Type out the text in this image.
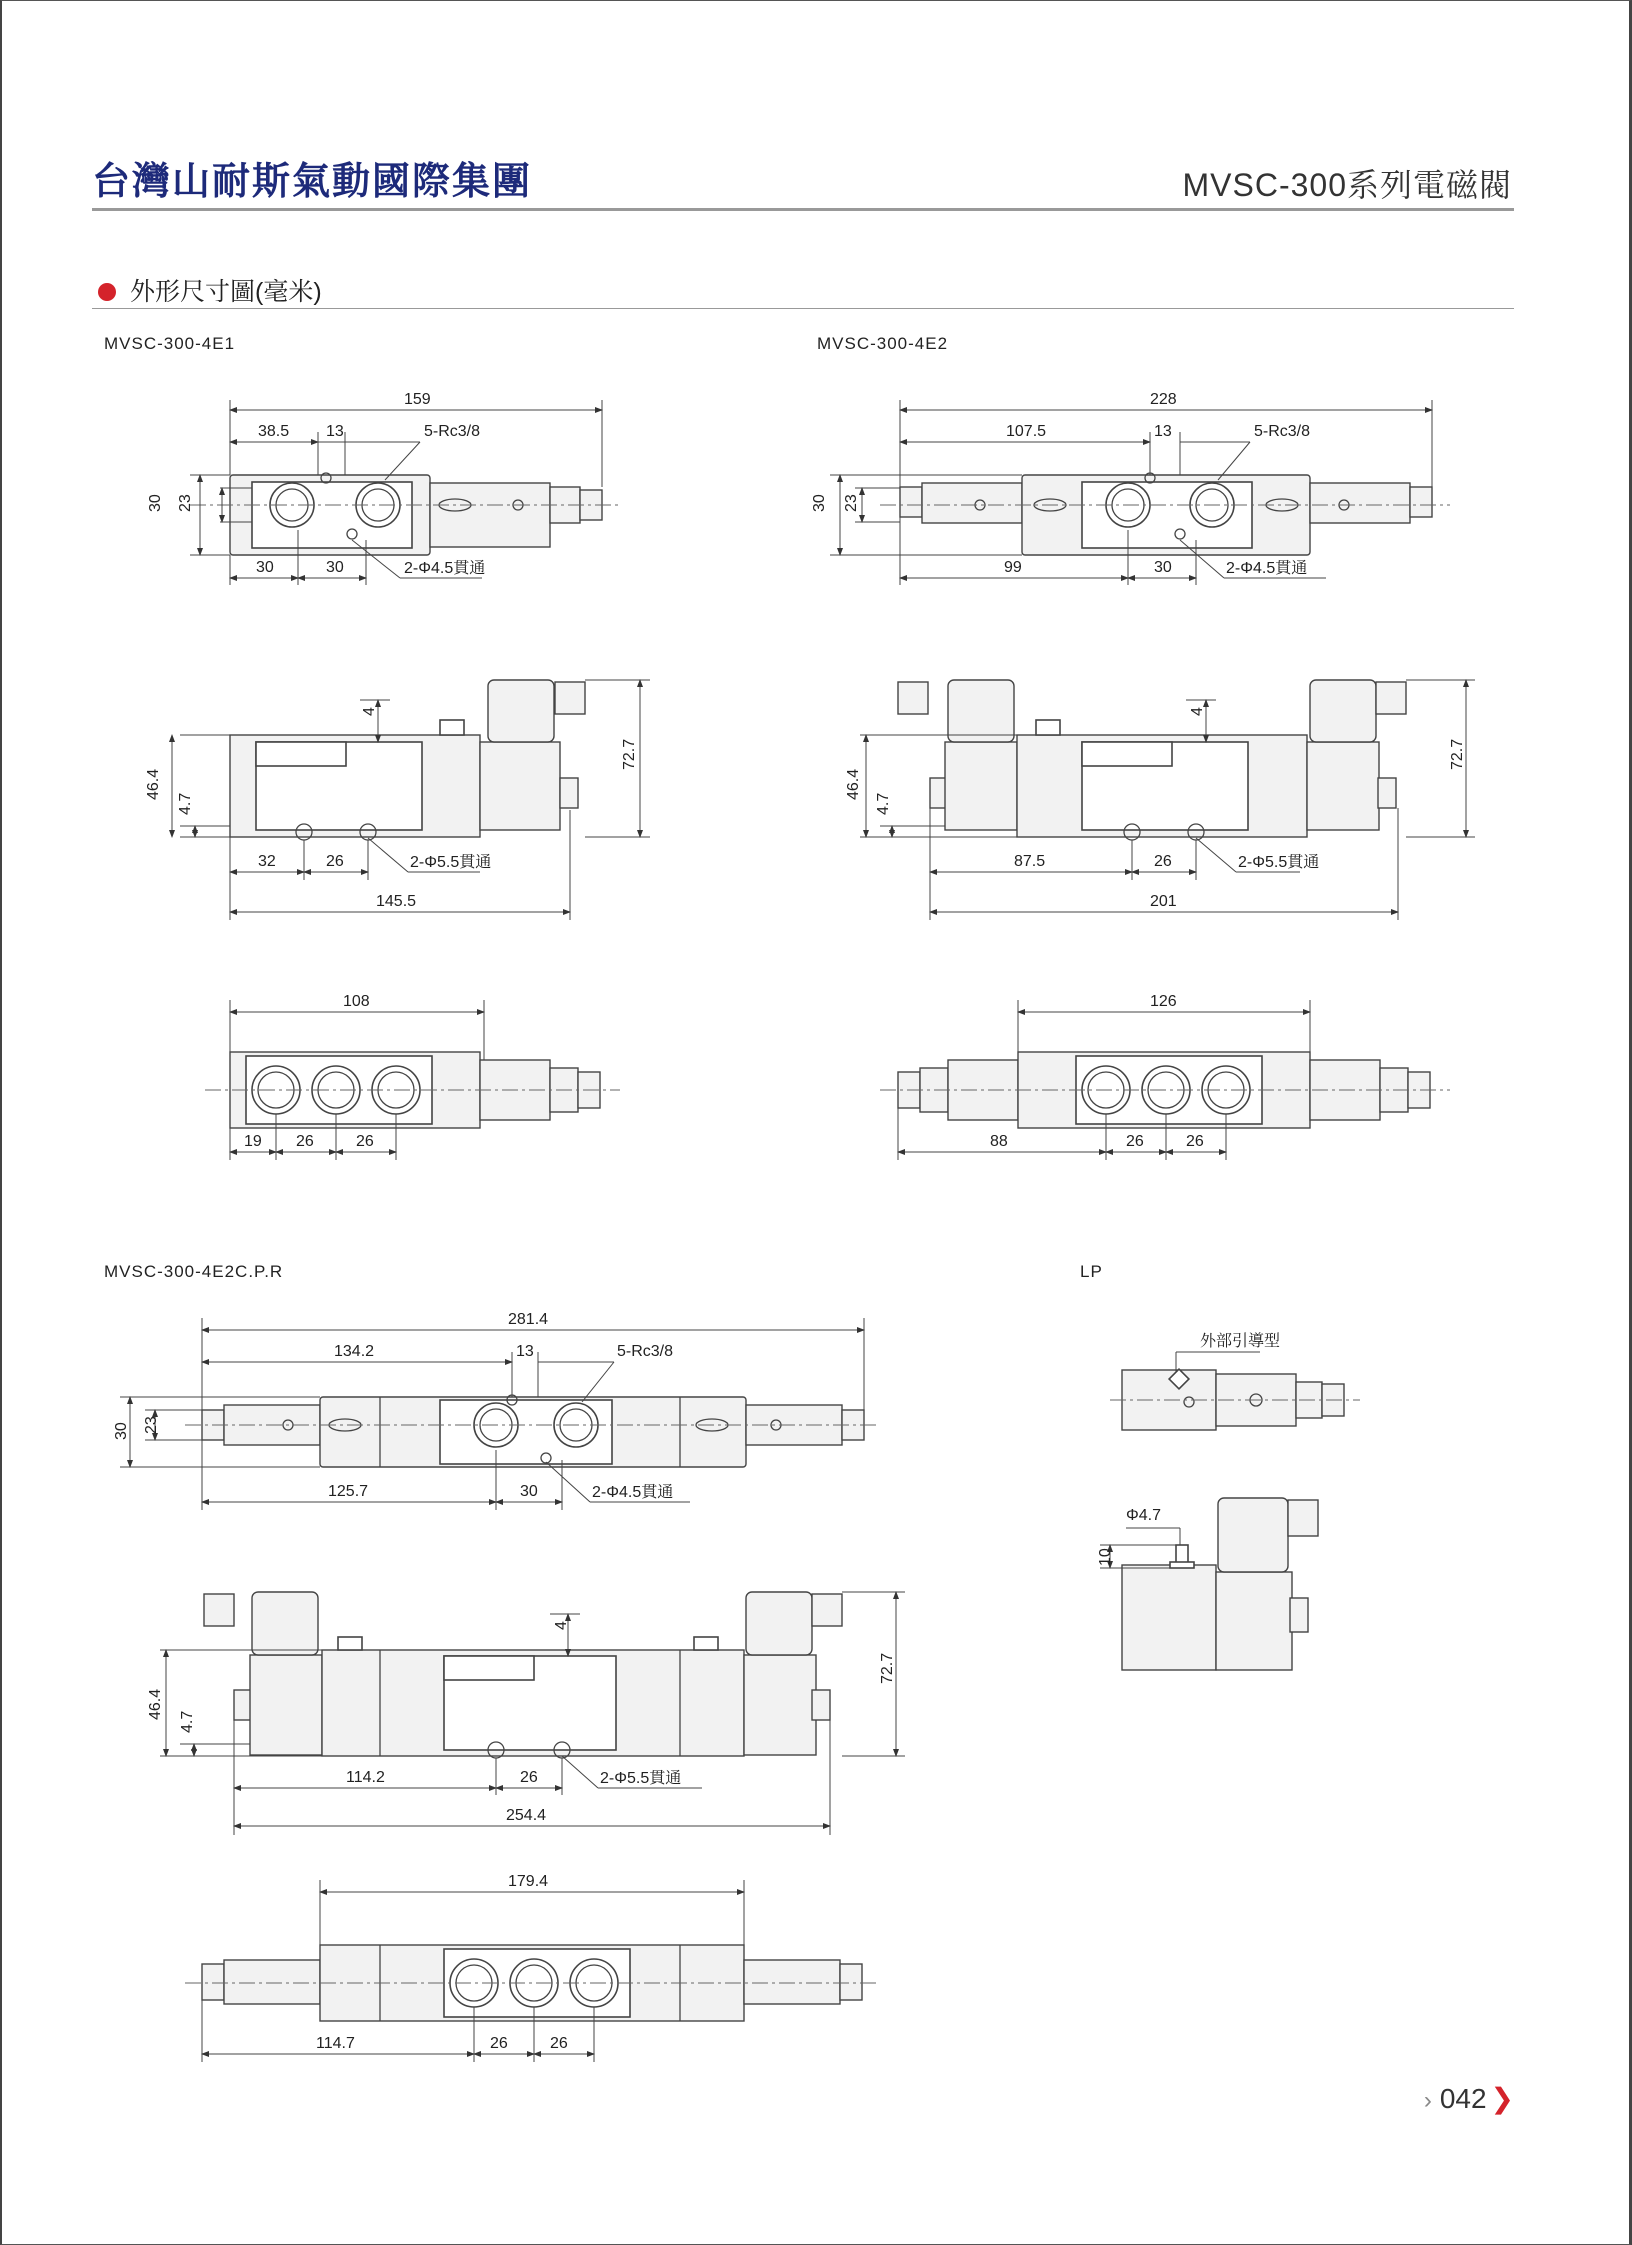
台灣山耐斯氣動國際集團	MVSC-300系列電磁閥
外形尺寸圖(毫米)
MVSC-300-4E1	MVSC-300-4E2
MVSC-300-4E2C.P.R	LP
159
38.5 13	5-Rc3/8
30 23
30	30	2-Φ4.5貫通
145.5
32	26	2-Φ5.5貫通
46.4
4.7
72.7
4
108
19 26	26
228
107.5	13	5-Rc3/8
30 23
99	30	2-Φ4.5貫通
201
87.5	26	2-Φ5.5貫通
46.4
4.7
72.7
4
126
88	26	26
281.4
134.2	13	5-Rc3/8
30 23
125.7	30	2-Φ4.5貫通
254.4
114.2	26	2-Φ5.5貫通
46.4
4.7
72.7
4
179.4
114.7	26	26
外部引導型
Φ4.7
10
› 042 ❯
